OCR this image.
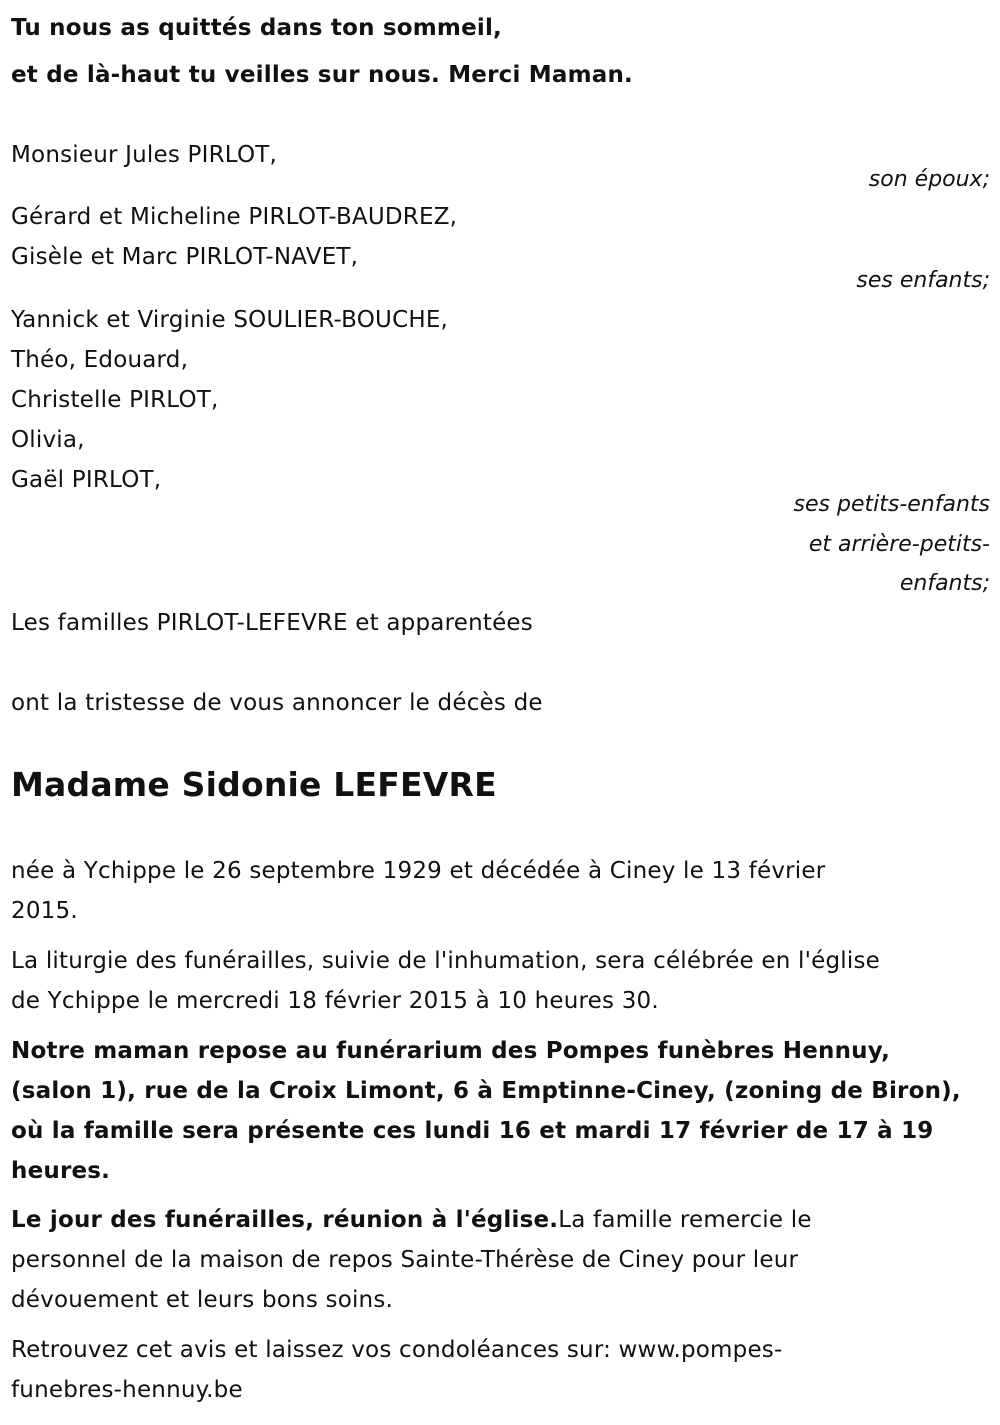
Tu nous as quittés dans ton sommeil,
et de là-haut tu veilles sur nous. Merci Maman.
Monsieur Jules PIRLOT,
son époux;
Gérard et Micheline PIRLOT-BAUDREZ,
Gisèle et Marc PIRLOT-NAVET,
ses enfants;
Yannick et Virginie SOULIER-BOUCHE,
Théo, Edouard,
Christelle PIRLOT,
Olivia,
Gaël PIRLOT,
ses petits-enfants
et arrière-petits-
enfants;
Les familles PIRLOT-LEFEVRE et apparentées
ont la tristesse de vous annoncer le décès de
Madame Sidonie LEFEVRE
née à Ychippe le 26 septembre 1929 et décédée à Ciney le 13 février
2015.
La liturgie des funérailles, suivie de l'inhumation, sera célébrée en l'église
de Ychippe le mercredi 18 février 2015 à 10 heures 30.
Notre maman repose au funérarium des Pompes funèbres Hennuy,
(salon 1), rue de la Croix Limont, 6 à Emptinne-Ciney, (zoning de Biron),
où la famille sera présente ces lundi 16 et mardi 17 février de 17 à 19
heures.
Le jour des funérailles, réunion à l'église.La famille remercie le
personnel de la maison de repos Sainte-Thérèse de Ciney pour leur
dévouement et leurs bons soins.
Retrouvez cet avis et laissez vos condoléances sur: www.pompes-
funebres-hennuy.be
